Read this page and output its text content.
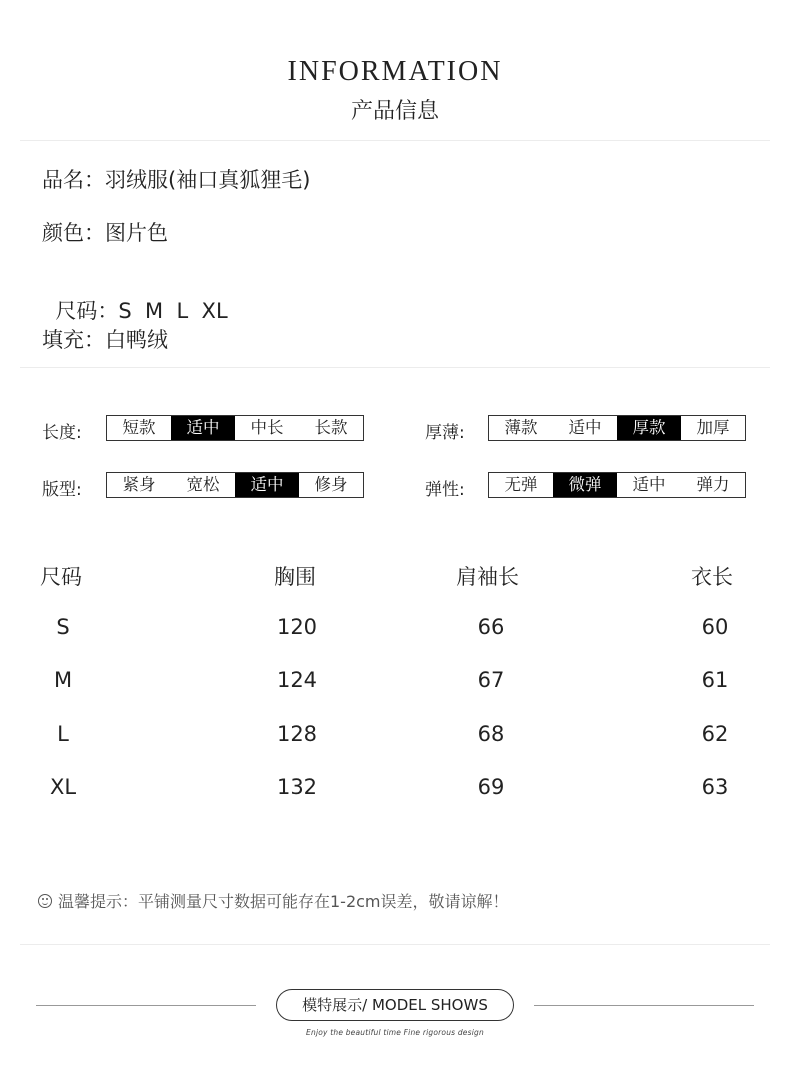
INFORMATION
产品信息
品名：羽绒服(袖口真狐狸毛)
颜色：图片色

尺码：S  M  L  XL

填充：白鸭绒
长度:	短款	适中	中长	长款	厚薄:	薄款	适中	厚款	加厚
版型:	紧身	宽松	适中	修身	弹性:	无弹	微弹	适中	弹力
尺码	胸围	肩袖长	衣长
S	120	66	60
M	124	67	61
L	128	68	62
XL	132	69	63
温馨提示：平铺测量尺寸数据可能存在1-2cm误差，敬请谅解！
模特展示/ MODEL SHOWS
Enjoy the beautiful time Fine rigorous design
